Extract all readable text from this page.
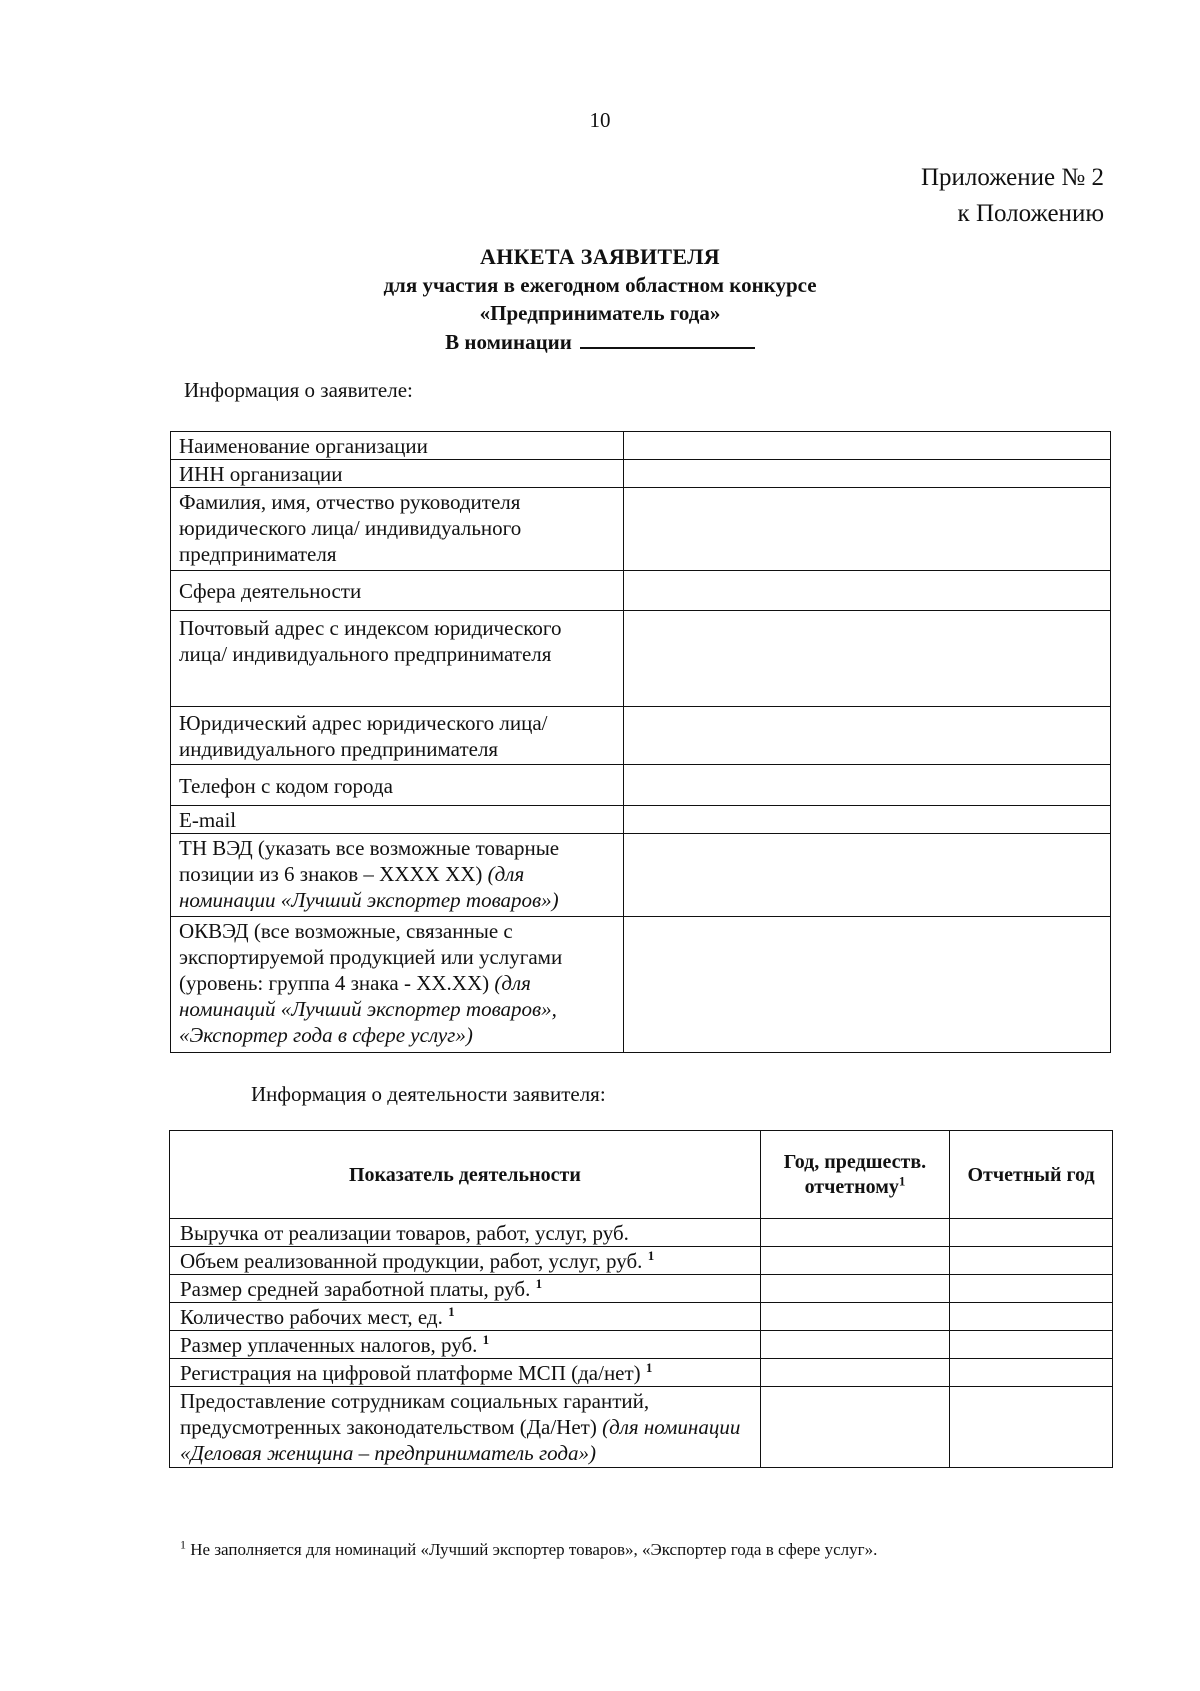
10
Приложение № 2
к Положению
АНКЕТА ЗАЯВИТЕЛЯ
для участия в ежегодном областном конкурсе
«Предприниматель года»
В номинации
Информация о заявителе:
Наименование организации	
ИНН организации	
Фамилия, имя, отчество руководителя юридического лица/ индивидуального предпринимателя	
Сфера деятельности	
Почтовый адрес с индексом юридического лица/ индивидуального предпринимателя	
Юридический адрес юридического лица/ индивидуального предпринимателя	
Телефон с кодом города	
E-mail	
ТН ВЭД (указать все возможные товарные позиции из 6 знаков – XXXX XX) (для номинации «Лучший экспортер товаров»)	
ОКВЭД (все возможные, связанные с экспортируемой продукцией или услугами (уровень: группа 4 знака - XX.XX) (для номинаций «Лучший экспортер товаров», «Экспортер года в сфере услуг»)	
Информация о деятельности заявителя:
Показатель деятельности	Год, предшеств. отчетному$^1$	Отчетный год
Выручка от реализации товаров, работ, услуг, руб.		
Объем реализованной продукции, работ, услуг, руб. $^1$		
Размер средней заработной платы, руб. $^1$		
Количество рабочих мест, ед. $^1$		
Размер уплаченных налогов, руб. $^1$		
Регистрация на цифровой платформе МСП (да/нет) $^1$		
Предоставление сотрудникам социальных гарантий, предусмотренных законодательством (Да/Нет) (для номинации «Деловая женщина – предприниматель года»)		
$^1$ Не заполняется для номинаций «Лучший экспортер товаров», «Экспортер года в сфере услуг».
